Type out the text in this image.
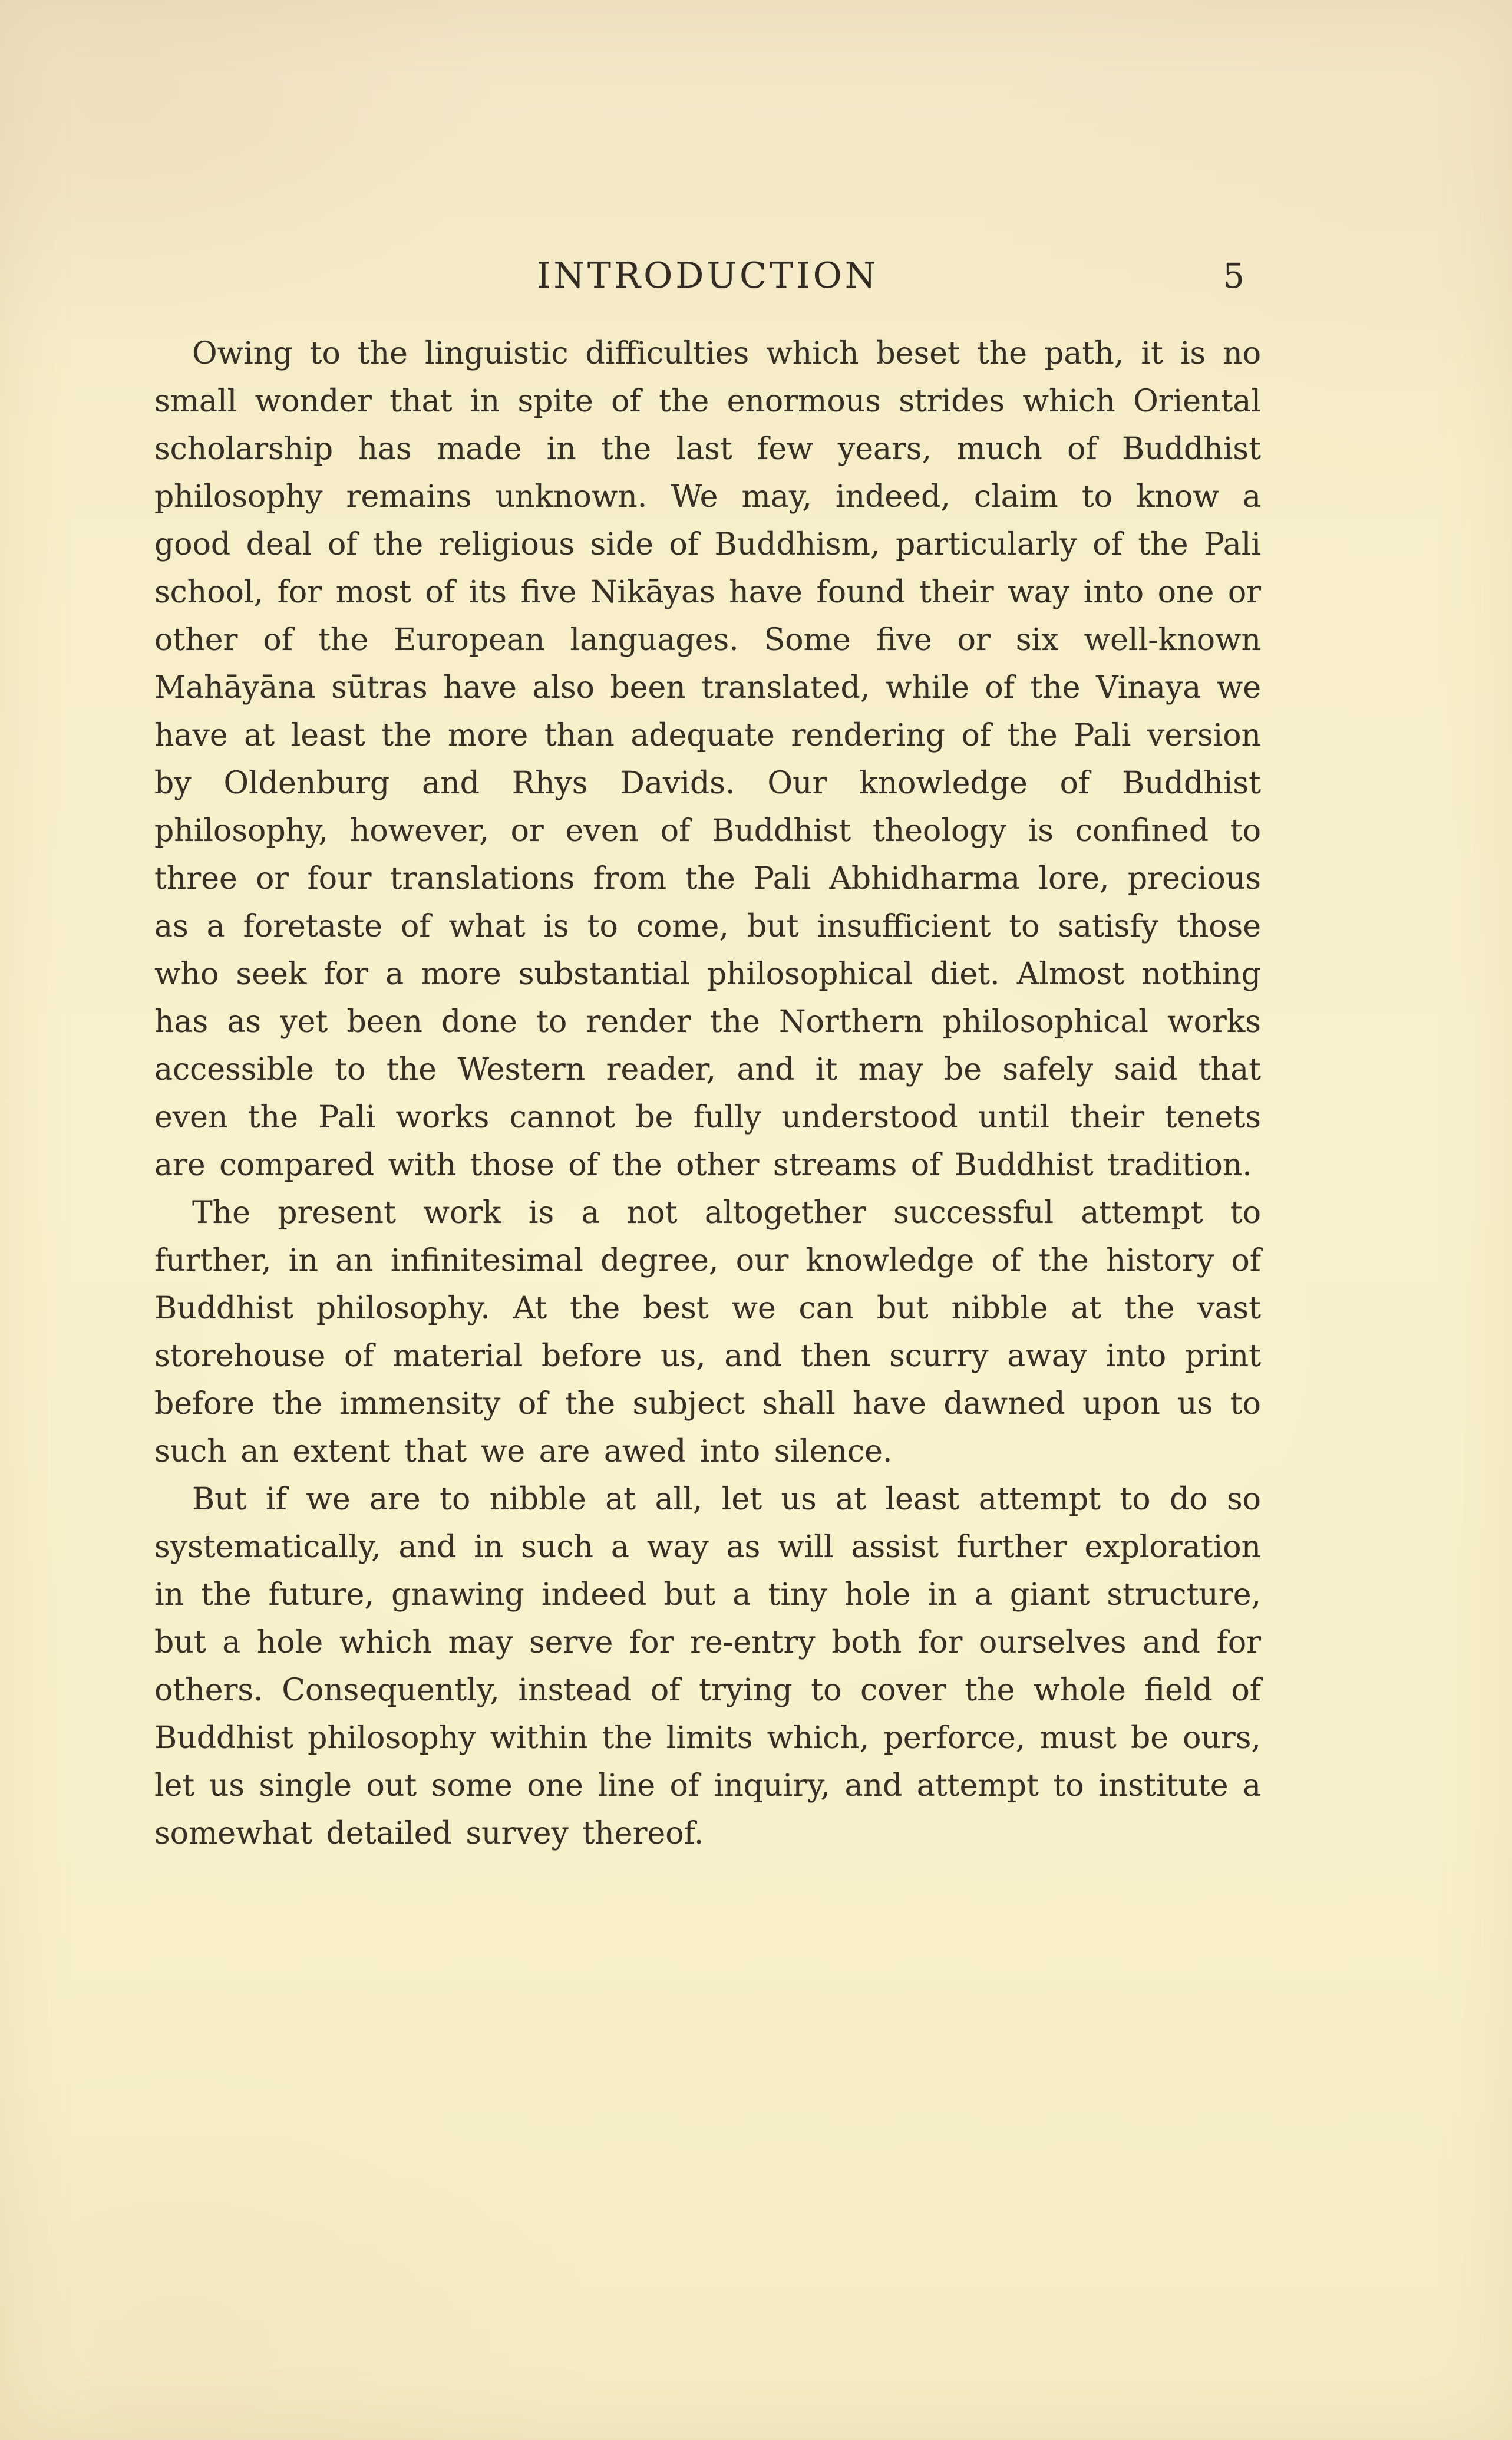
INTRODUCTION	5

Owing to the linguistic difficulties which beset the path, it is no small wonder that in spite of the enormous strides which Oriental scholarship has made in the last few years, much of Buddhist philosophy remains unknown. We may, indeed, claim to know a good deal of the religious side of Buddhism, particularly of the Pali school, for most of its five Nikāyas have found their way into one or other of the European languages. Some five or six well-known Mahāyāna sūtras have also been translated, while of the Vinaya we have at least the more than adequate rendering of the Pali version by Oldenburg and Rhys Davids. Our knowledge of Buddhist philosophy, however, or even of Buddhist theology is confined to three or four translations from the Pali Abhidharma lore, precious as a foretaste of what is to come, but insufficient to satisfy those who seek for a more substantial philosophical diet. Almost nothing has as yet been done to render the Northern philosophical works accessible to the Western reader, and it may be safely said that even the Pali works cannot be fully understood until their tenets are compared with those of the other streams of Buddhist tradition.

The present work is a not altogether successful attempt to further, in an infinitesimal degree, our knowledge of the history of Buddhist philosophy. At the best we can but nibble at the vast storehouse of material before us, and then scurry away into print before the immensity of the subject shall have dawned upon us to such an extent that we are awed into silence.

But if we are to nibble at all, let us at least attempt to do so systematically, and in such a way as will assist further exploration in the future, gnawing indeed but a tiny hole in a giant structure, but a hole which may serve for re-entry both for ourselves and for others. Consequently, instead of trying to cover the whole field of Buddhist philosophy within the limits which, perforce, must be ours, let us single out some one line of inquiry, and attempt to institute a somewhat detailed survey thereof.
